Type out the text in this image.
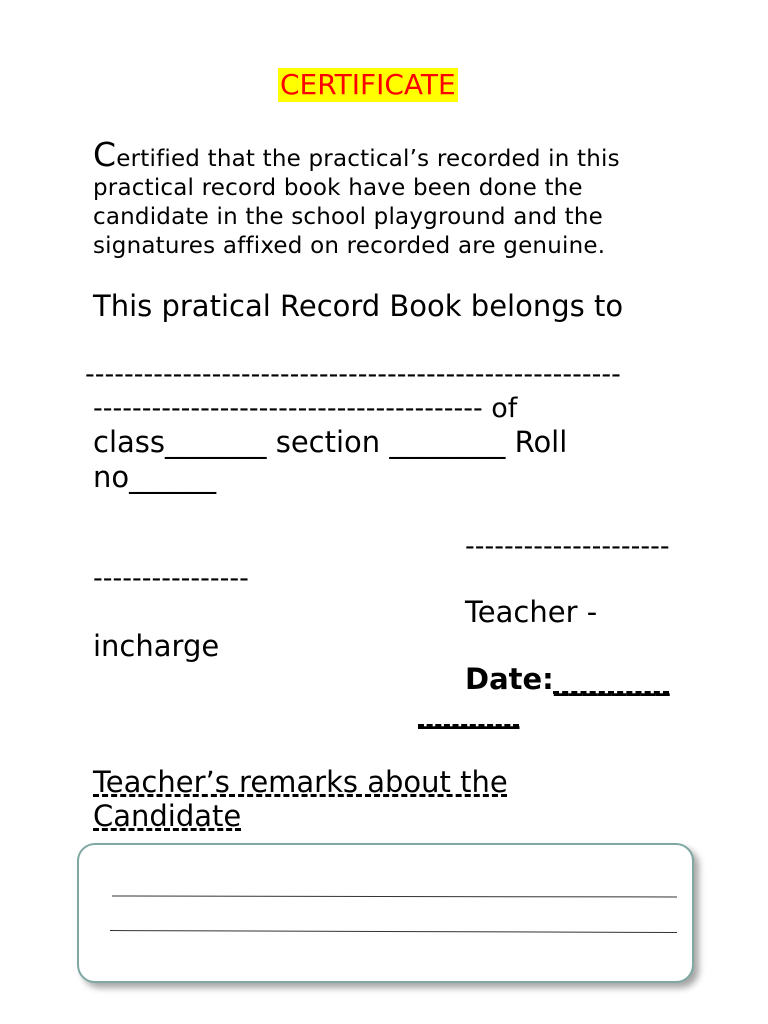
CERTIFICATE
Certified that the practical’s recorded in this practical record book have been done the candidate in the school playground and the signatures affixed on recorded are genuine.
This pratical Record Book belongs to
-------------------------------------------------------
---------------------------------------- of
class_______ section ________ Roll
no______
---------------------
----------------
Teacher -
incharge
Date:________
_______
Teacher’s remarks about the Candidate
